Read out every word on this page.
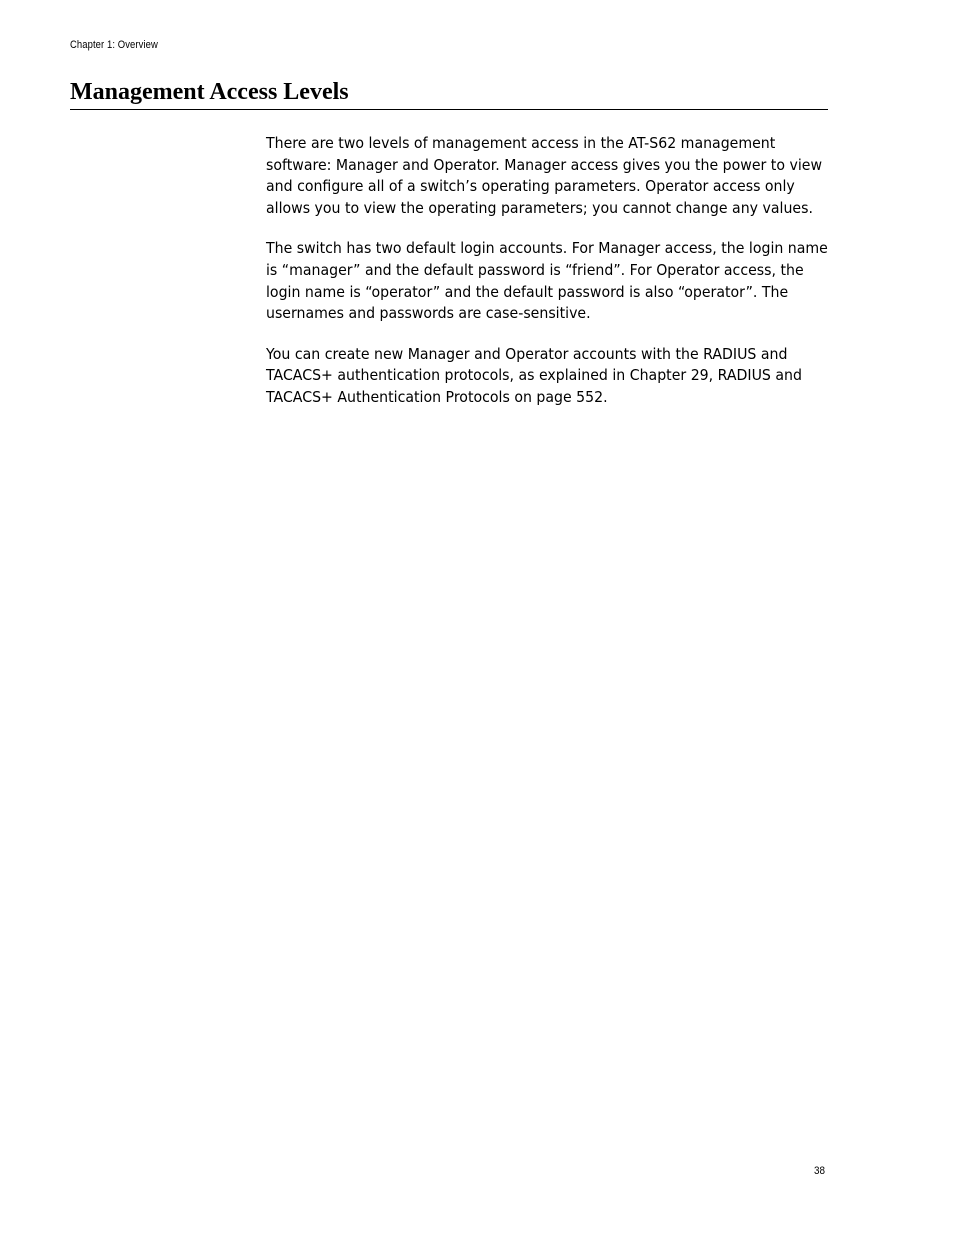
Chapter 1: Overview
Management Access Levels

There are two levels of management access in the AT-S62 management software: Manager and Operator. Manager access gives you the power to view and configure all of a switch’s operating parameters. Operator access only allows you to view the operating parameters; you cannot change any values.

The switch has two default login accounts. For Manager access, the login name is “manager” and the default password is “friend”. For Operator access, the login name is “operator” and the default password is also “operator”. The usernames and passwords are case-sensitive.

You can create new Manager and Operator accounts with the RADIUS and TACACS+ authentication protocols, as explained in Chapter 29, RADIUS and TACACS+ Authentication Protocols on page 552.

38
